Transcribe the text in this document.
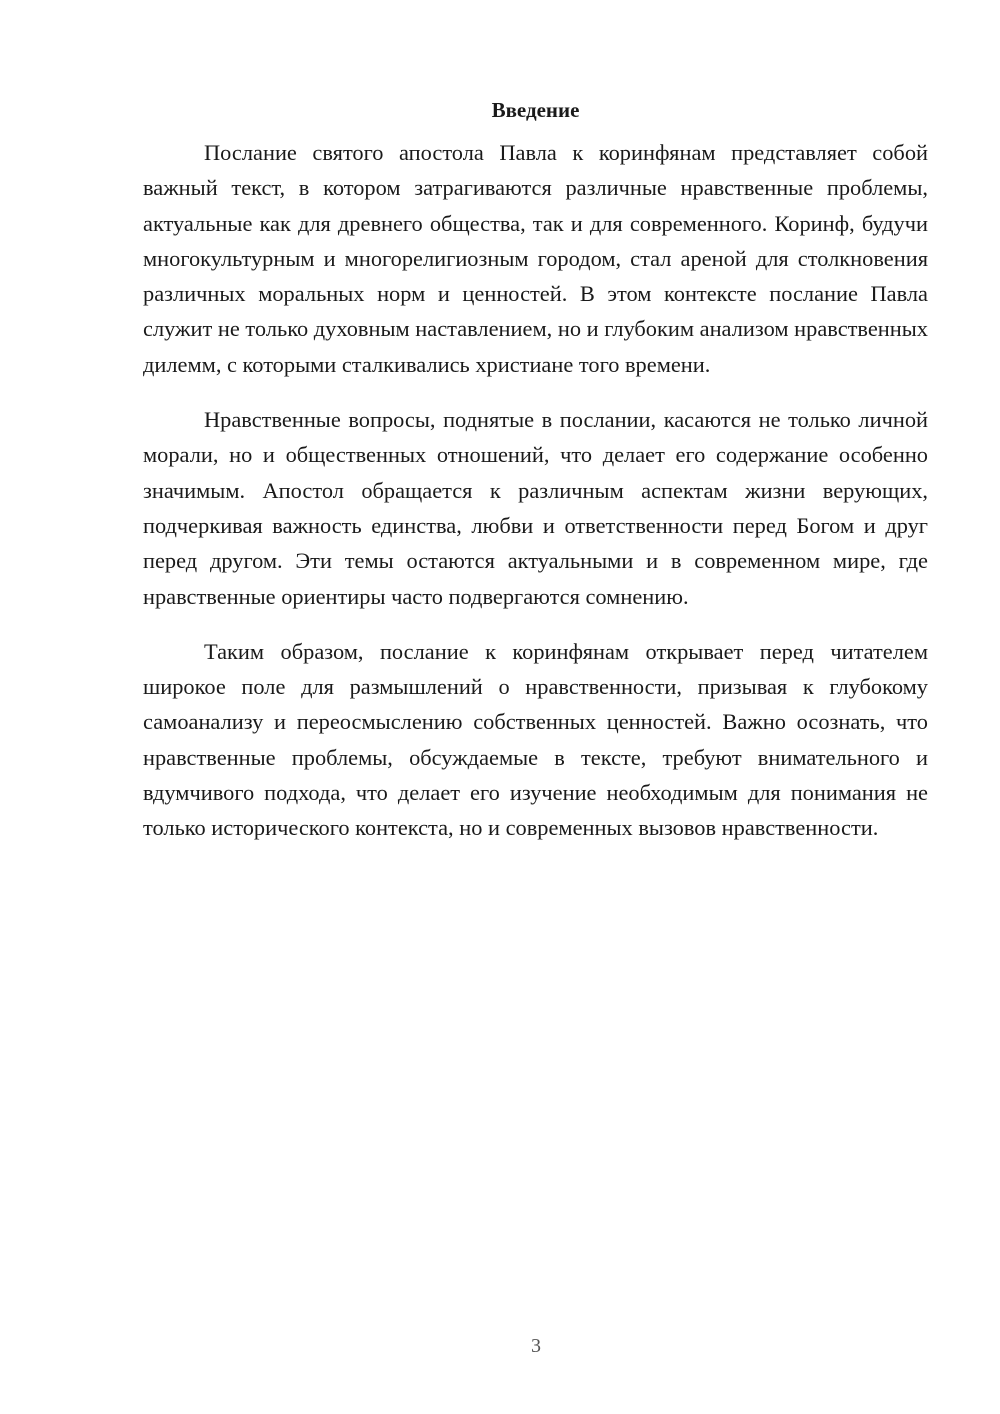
Введение

Послание святого апостола Павла к коринфянам представляет собой важный текст, в котором затрагиваются различные нравственные проблемы, актуальные как для древнего общества, так и для современного. Коринф, будучи многокультурным и многорелигиозным городом, стал ареной для столкновения различных моральных норм и ценностей. В этом контексте послание Павла служит не только духовным наставлением, но и глубоким анализом нравственных дилемм, с которыми сталкивались христиане того времени.

Нравственные вопросы, поднятые в послании, касаются не только личной морали, но и общественных отношений, что делает его содержание особенно значимым. Апостол обращается к различным аспектам жизни верующих, подчеркивая важность единства, любви и ответственности перед Богом и друг перед другом. Эти темы остаются актуальными и в современном мире, где нравственные ориентиры часто подвергаются сомнению.

Таким образом, послание к коринфянам открывает перед читателем широкое поле для размышлений о нравственности, призывая к глубокому самоанализу и переосмыслению собственных ценностей. Важно осознать, что нравственные проблемы, обсуждаемые в тексте, требуют внимательного и вдумчивого подхода, что делает его изучение необходимым для понимания не только исторического контекста, но и современных вызовов нравственности.

3
